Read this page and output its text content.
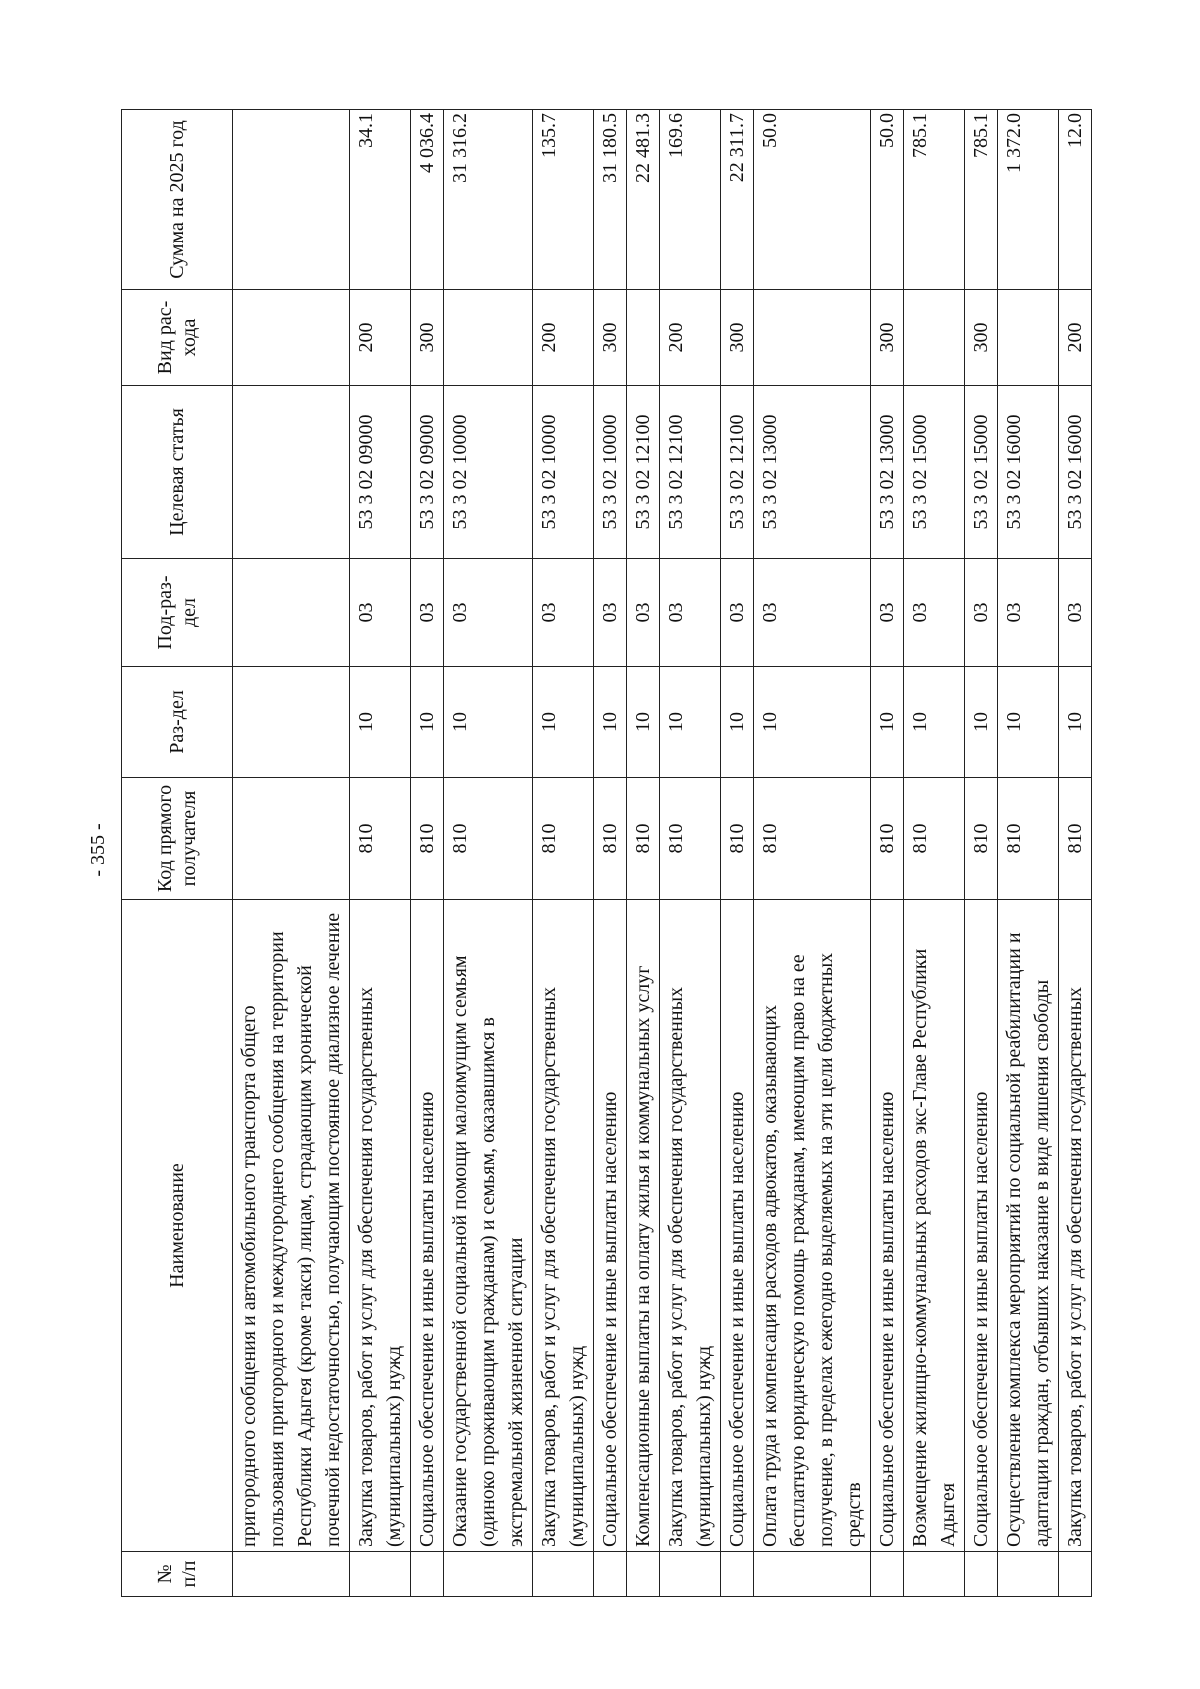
- 355 -
№ п/п	Наименование	Код прямого получателя	Раз-дел	Под-раз-дел	Целевая статья	Вид рас-хода	Сумма на 2025 год
	пригородного сообщения и автомобильного транспорта общего пользования пригородного и междугороднего сообщения на территории Республики Адыгея (кроме такси) лицам, страдающим хронической почечной недостаточностью, получающим постоянное диализное лечение						
	Закупка товаров, работ и услуг для обеспечения государственных (муниципальных) нужд	810	10	03	53 3 02 09000	200	34.1
	Социальное обеспечение и иные выплаты населению	810	10	03	53 3 02 09000	300	4 036.4
	Оказание государственной социальной помощи малоимущим семьям (одиноко проживающим гражданам) и семьям, оказавшимся в экстремальной жизненной ситуации	810	10	03	53 3 02 10000		31 316.2
	Закупка товаров, работ и услуг для обеспечения государственных (муниципальных) нужд	810	10	03	53 3 02 10000	200	135.7
	Социальное обеспечение и иные выплаты населению	810	10	03	53 3 02 10000	300	31 180.5
	Компенсационные выплаты на оплату жилья и коммунальных услуг	810	10	03	53 3 02 12100		22 481.3
	Закупка товаров, работ и услуг для обеспечения государственных (муниципальных) нужд	810	10	03	53 3 02 12100	200	169.6
	Социальное обеспечение и иные выплаты населению	810	10	03	53 3 02 12100	300	22 311.7
	Оплата труда и компенсация расходов адвокатов, оказывающих бесплатную юридическую помощь гражданам, имеющим право на ее получение, в пределах ежегодно выделяемых на эти цели бюджетных средств	810	10	03	53 3 02 13000		50.0
	Социальное обеспечение и иные выплаты населению	810	10	03	53 3 02 13000	300	50.0
	Возмещение жилищно-коммунальных расходов экс-Главе Республики Адыгея	810	10	03	53 3 02 15000		785.1
	Социальное обеспечение и иные выплаты населению	810	10	03	53 3 02 15000	300	785.1
	Осуществление комплекса мероприятий по социальной реабилитации и адаптации граждан, отбывших наказание в виде лишения свободы	810	10	03	53 3 02 16000		1 372.0
	Закупка товаров, работ и услуг для обеспечения государственных	810	10	03	53 3 02 16000	200	12.0
